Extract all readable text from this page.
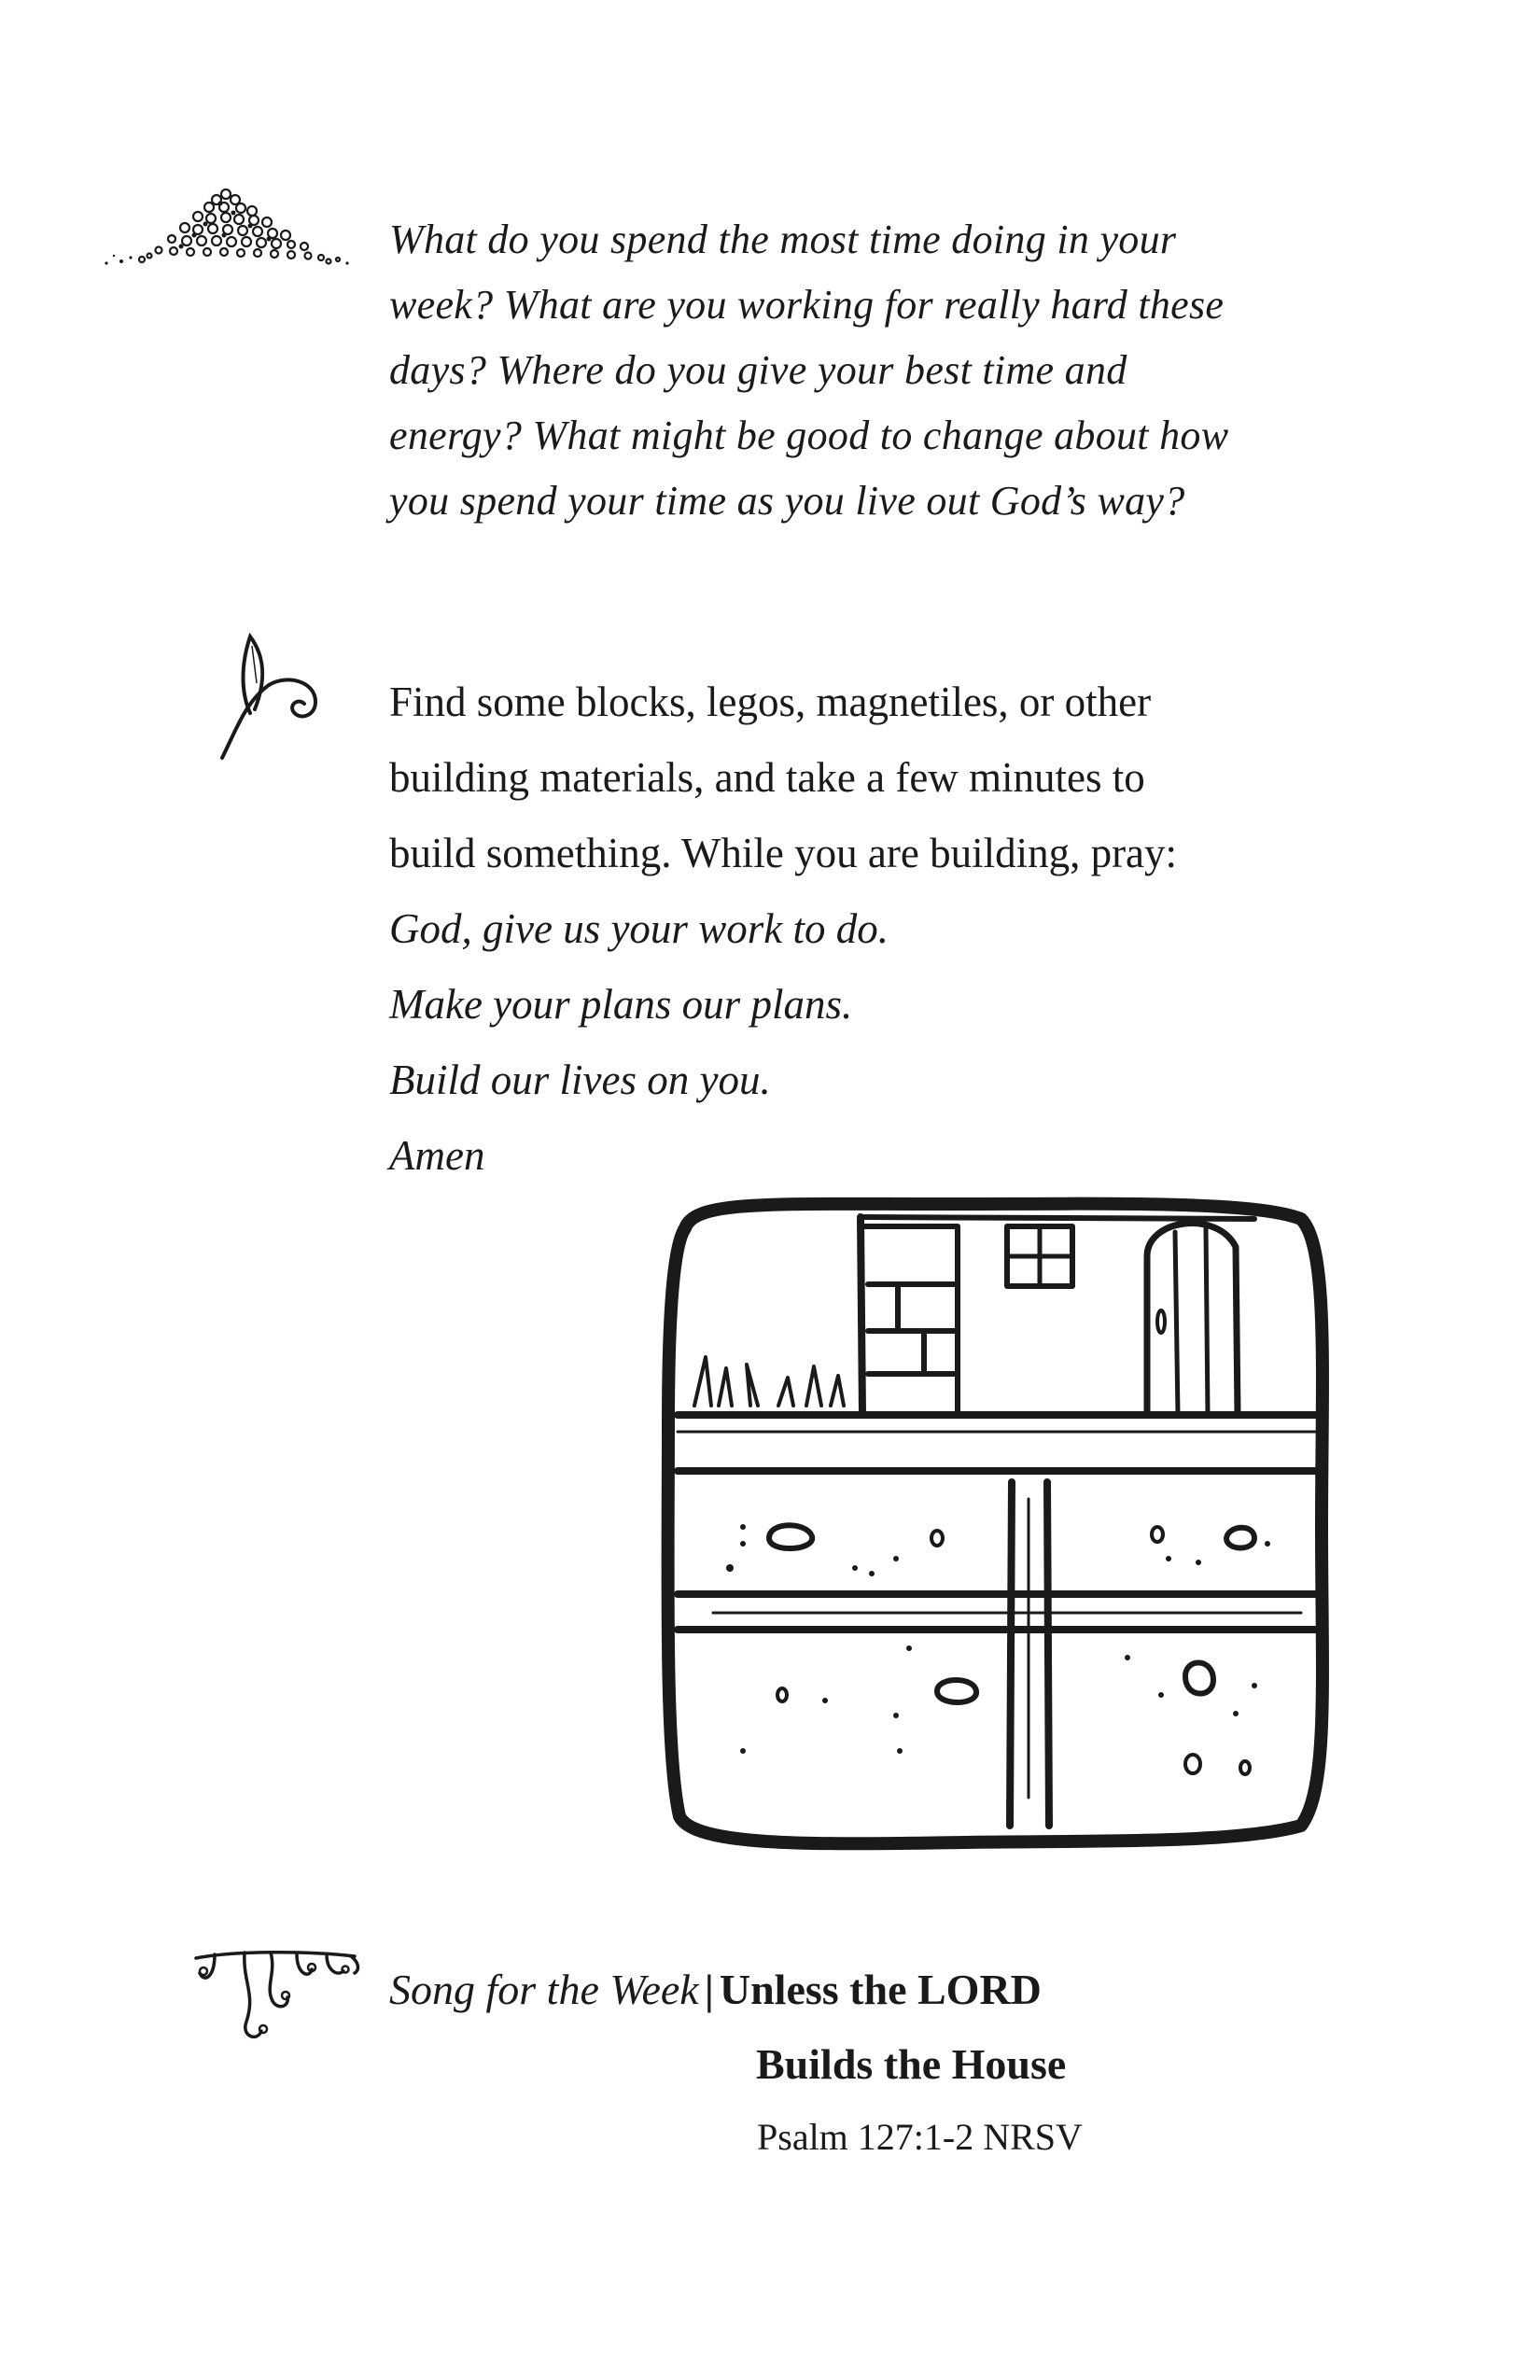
What do you spend the most time doing in your

week? What are you working for really hard these

days? Where do you give your best time and

energy? What might be good to change about how

you spend your time as you live out God’s way?

Find some blocks, legos, magnetiles, or other
building materials, and take a few minutes to
build something. While you are building, pray:
God, give us your work to do.
Make your plans our plans.
Build our lives on you.
Amen
Song for the Week | Unless the LORD
Builds the House
Psalm 127:1-2 NRSV
